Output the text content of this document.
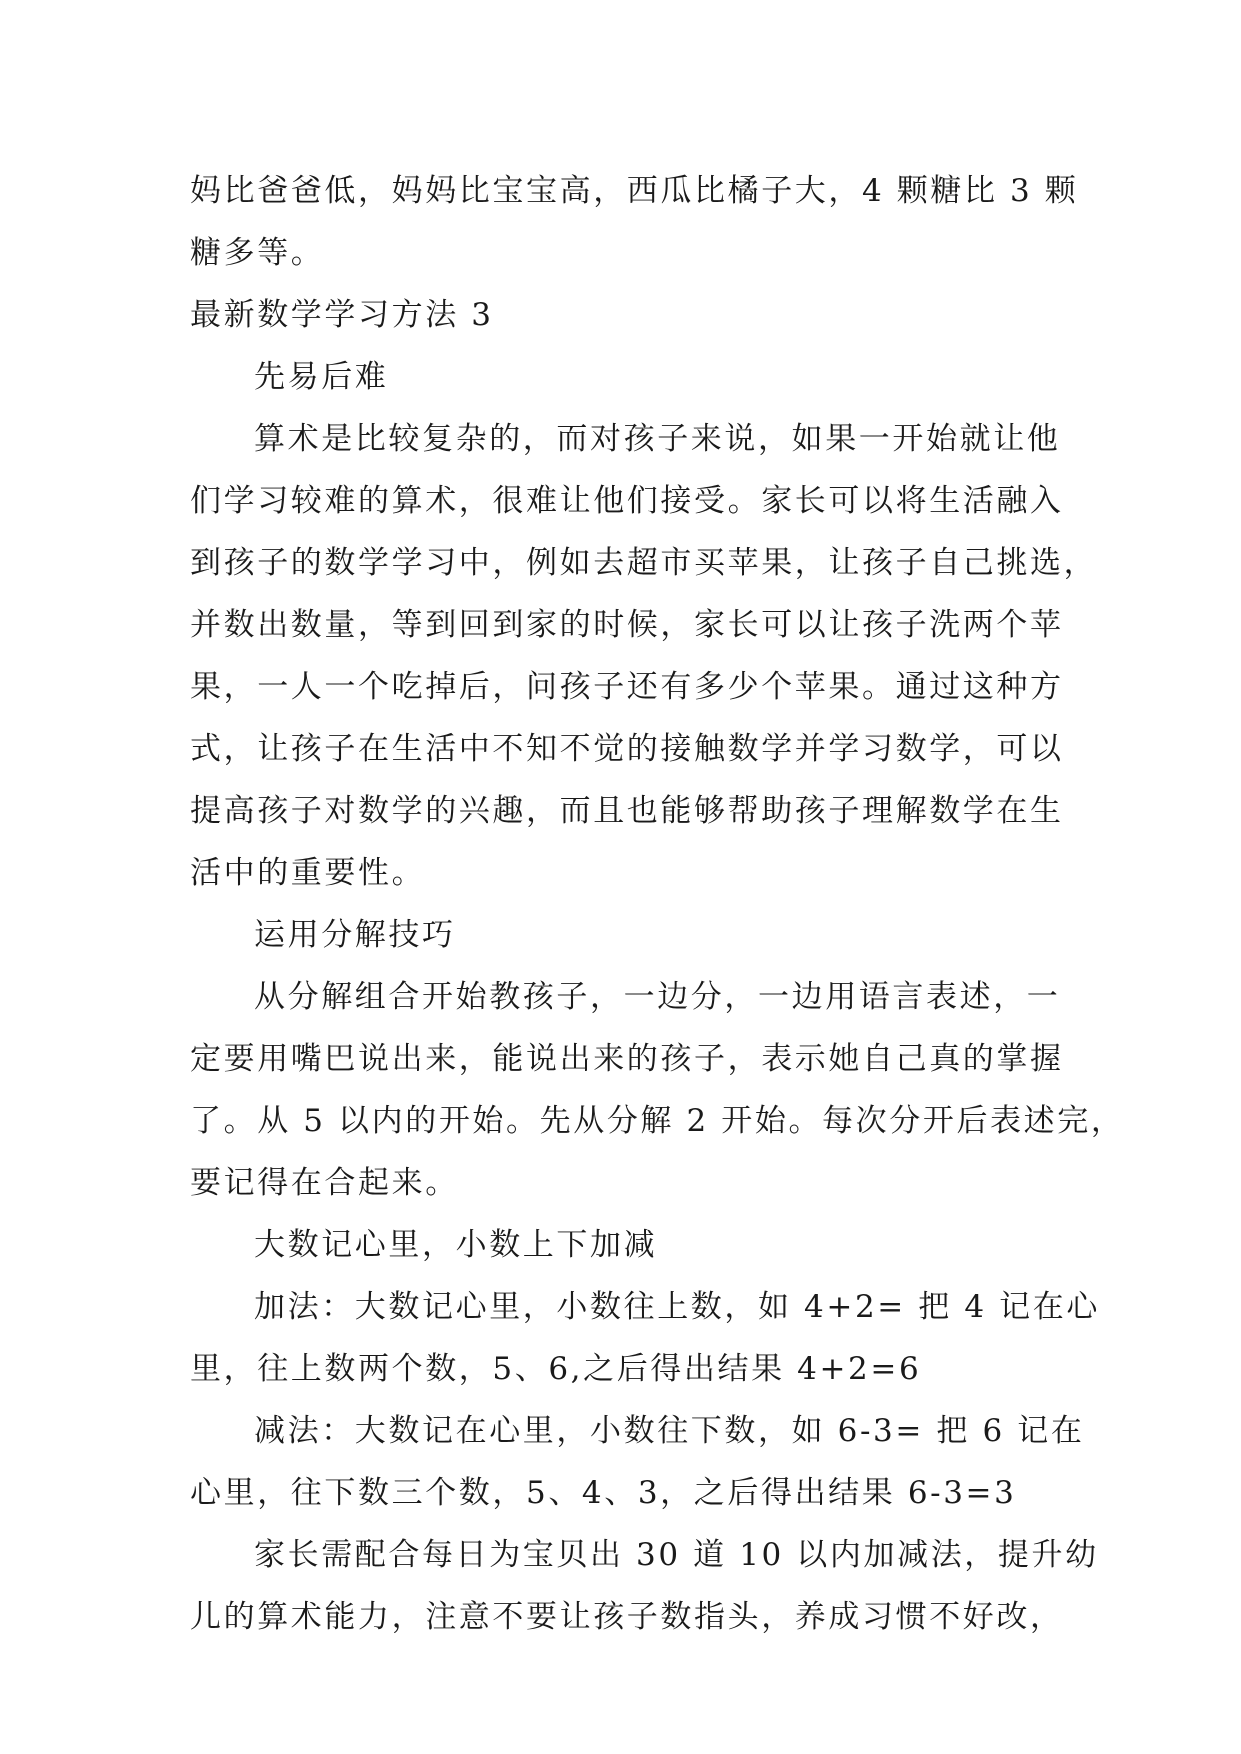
妈比爸爸低，妈妈比宝宝高，西瓜比橘子大，4 颗糖比 3 颗
糖多等。
最新数学学习方法 3
先易后难
算术是比较复杂的，而对孩子来说，如果一开始就让他
们学习较难的算术，很难让他们接受。家长可以将生活融入
到孩子的数学学习中，例如去超市买苹果，让孩子自己挑选，
并数出数量，等到回到家的时候，家长可以让孩子洗两个苹
果，一人一个吃掉后，问孩子还有多少个苹果。通过这种方
式，让孩子在生活中不知不觉的接触数学并学习数学，可以
提高孩子对数学的兴趣，而且也能够帮助孩子理解数学在生
活中的重要性。
运用分解技巧
从分解组合开始教孩子，一边分，一边用语言表述，一
定要用嘴巴说出来，能说出来的孩子，表示她自己真的掌握
了。从 5 以内的开始。先从分解 2 开始。每次分开后表述完，
要记得在合起来。
大数记心里，小数上下加减
加法：大数记心里，小数往上数，如 4+2= 把 4 记在心
里，往上数两个数，5、6,之后得出结果 4+2=6
减法：大数记在心里，小数往下数，如 6-3= 把 6 记在
心里，往下数三个数，5、4、3，之后得出结果 6-3=3
家长需配合每日为宝贝出 30 道 10 以内加减法，提升幼
儿的算术能力，注意不要让孩子数指头，养成习惯不好改，
